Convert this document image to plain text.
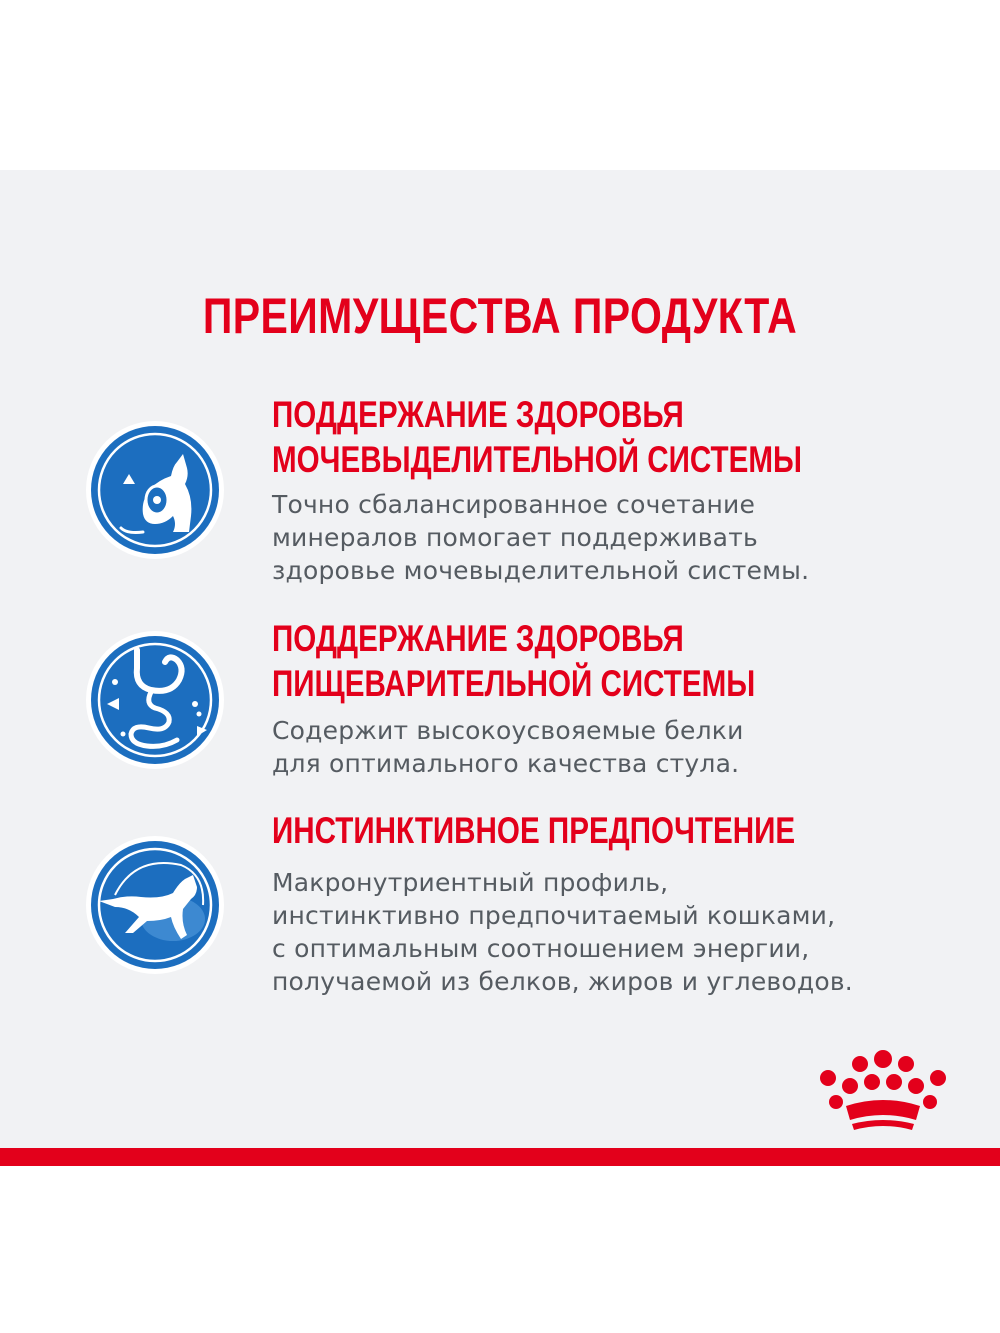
ПРЕИМУЩЕСТВА ПРОДУКТА
ПОДДЕРЖАНИЕ ЗДОРОВЬЯ
МОЧЕВЫДЕЛИТЕЛЬНОЙ СИСТЕМЫ
Точно сбалансированное сочетание
минералов помогает поддерживать
здоровье мочевыделительной системы.
ПОДДЕРЖАНИЕ ЗДОРОВЬЯ
ПИЩЕВАРИТЕЛЬНОЙ СИСТЕМЫ
Содержит высокоусвояемые белки
для оптимального качества стула.
ИНСТИНКТИВНОЕ ПРЕДПОЧТЕНИЕ
Макронутриентный профиль,
инстинктивно предпочитаемый кошками,
с оптимальным соотношением энергии,
получаемой из белков, жиров и углеводов.
